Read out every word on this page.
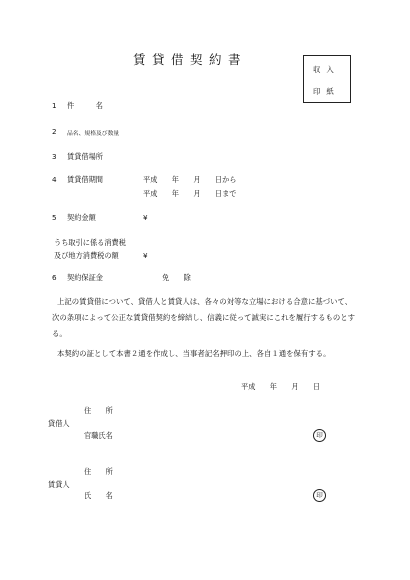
賃貸借契約書
収入
印紙
1 件　　　名
2 品名、規格及び数量
3 賃貸借場所
4 賃貸借期間	平成　　年　　月　　日から
平成　　年　　月　　日まで
5 契約金額	¥
うち取引に係る消費税
及び地方消費税の額	¥
6 契約保証金	免　　除
上記の賃貸借について、貸借人と賃貸人は、各々の対等な立場における合意に基づいて、
次の条項によって公正な賃貸借契約を締結し、信義に従って誠実にこれを履行するものとす
る。
本契約の証として本書２通を作成し、当事者記名押印の上、各自１通を保有する。
平成　　年　　月　　日
住　　所
貸借人
官職氏名	印
住　　所
賃貸人
氏　　名	印
